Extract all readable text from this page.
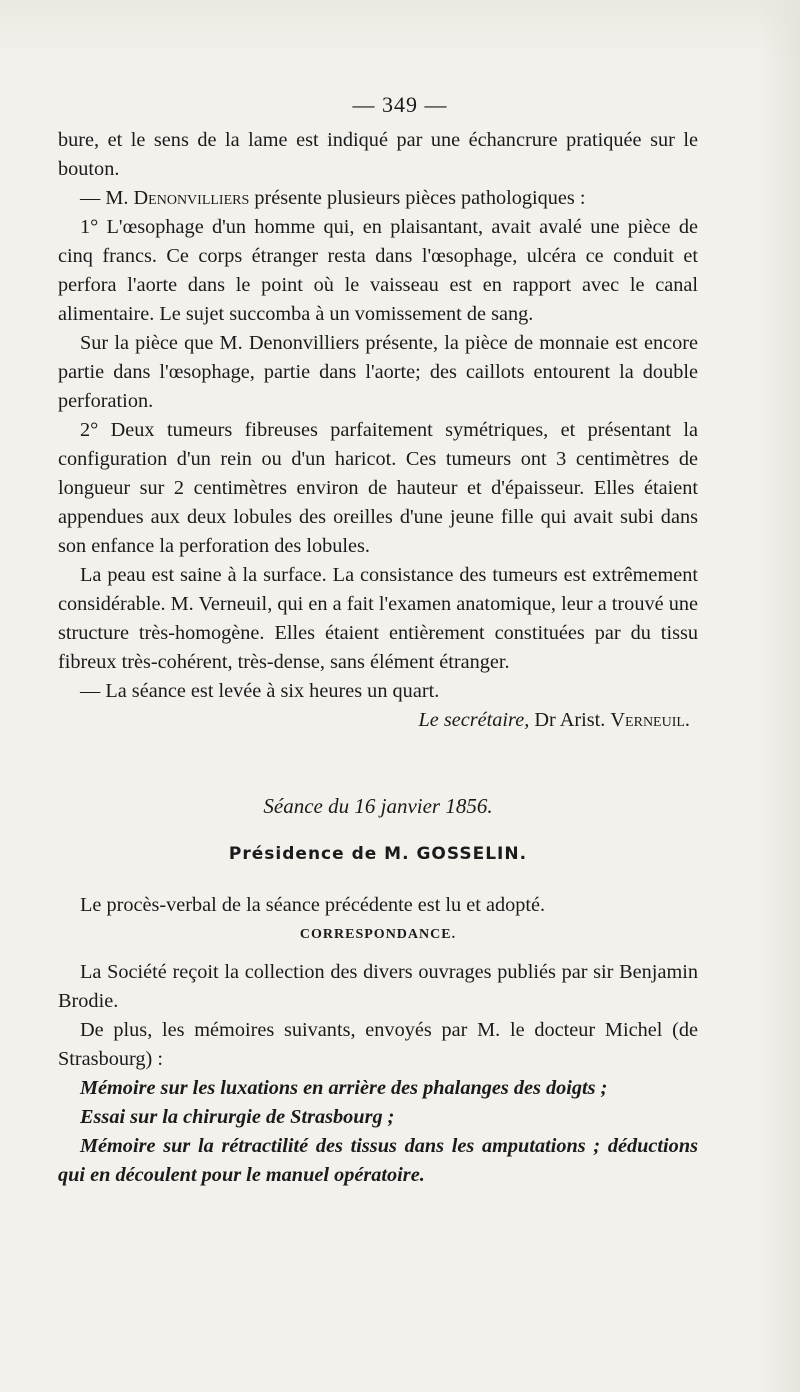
— 349 —

bure, et le sens de la lame est indiqué par une échancrure pratiquée sur le bouton.

— M. Denonvilliers présente plusieurs pièces pathologiques :

1° L'œsophage d'un homme qui, en plaisantant, avait avalé une pièce de cinq francs. Ce corps étranger resta dans l'œsophage, ulcéra ce conduit et perfora l'aorte dans le point où le vaisseau est en rapport avec le canal alimentaire. Le sujet succomba à un vomissement de sang.

Sur la pièce que M. Denonvilliers présente, la pièce de monnaie est encore partie dans l'œsophage, partie dans l'aorte; des caillots entourent la double perforation.

2° Deux tumeurs fibreuses parfaitement symétriques, et présentant la configuration d'un rein ou d'un haricot. Ces tumeurs ont 3 centimètres de longueur sur 2 centimètres environ de hauteur et d'épaisseur. Elles étaient appendues aux deux lobules des oreilles d'une jeune fille qui avait subi dans son enfance la perforation des lobules.

La peau est saine à la surface. La consistance des tumeurs est extrêmement considérable. M. Verneuil, qui en a fait l'examen anatomique, leur a trouvé une structure très-homogène. Elles étaient entièrement constituées par du tissu fibreux très-cohérent, très-dense, sans élément étranger.

— La séance est levée à six heures un quart.

Le secrétaire, Dr Arist. Verneuil.

Séance du 16 janvier 1856.

Présidence de M. GOSSELIN.

Le procès-verbal de la séance précédente est lu et adopté.

CORRESPONDANCE.

La Société reçoit la collection des divers ouvrages publiés par sir Benjamin Brodie.

De plus, les mémoires suivants, envoyés par M. le docteur Michel (de Strasbourg) :

Mémoire sur les luxations en arrière des phalanges des doigts ;

Essai sur la chirurgie de Strasbourg ;

Mémoire sur la rétractilité des tissus dans les amputations ; déductions qui en découlent pour le manuel opératoire.
